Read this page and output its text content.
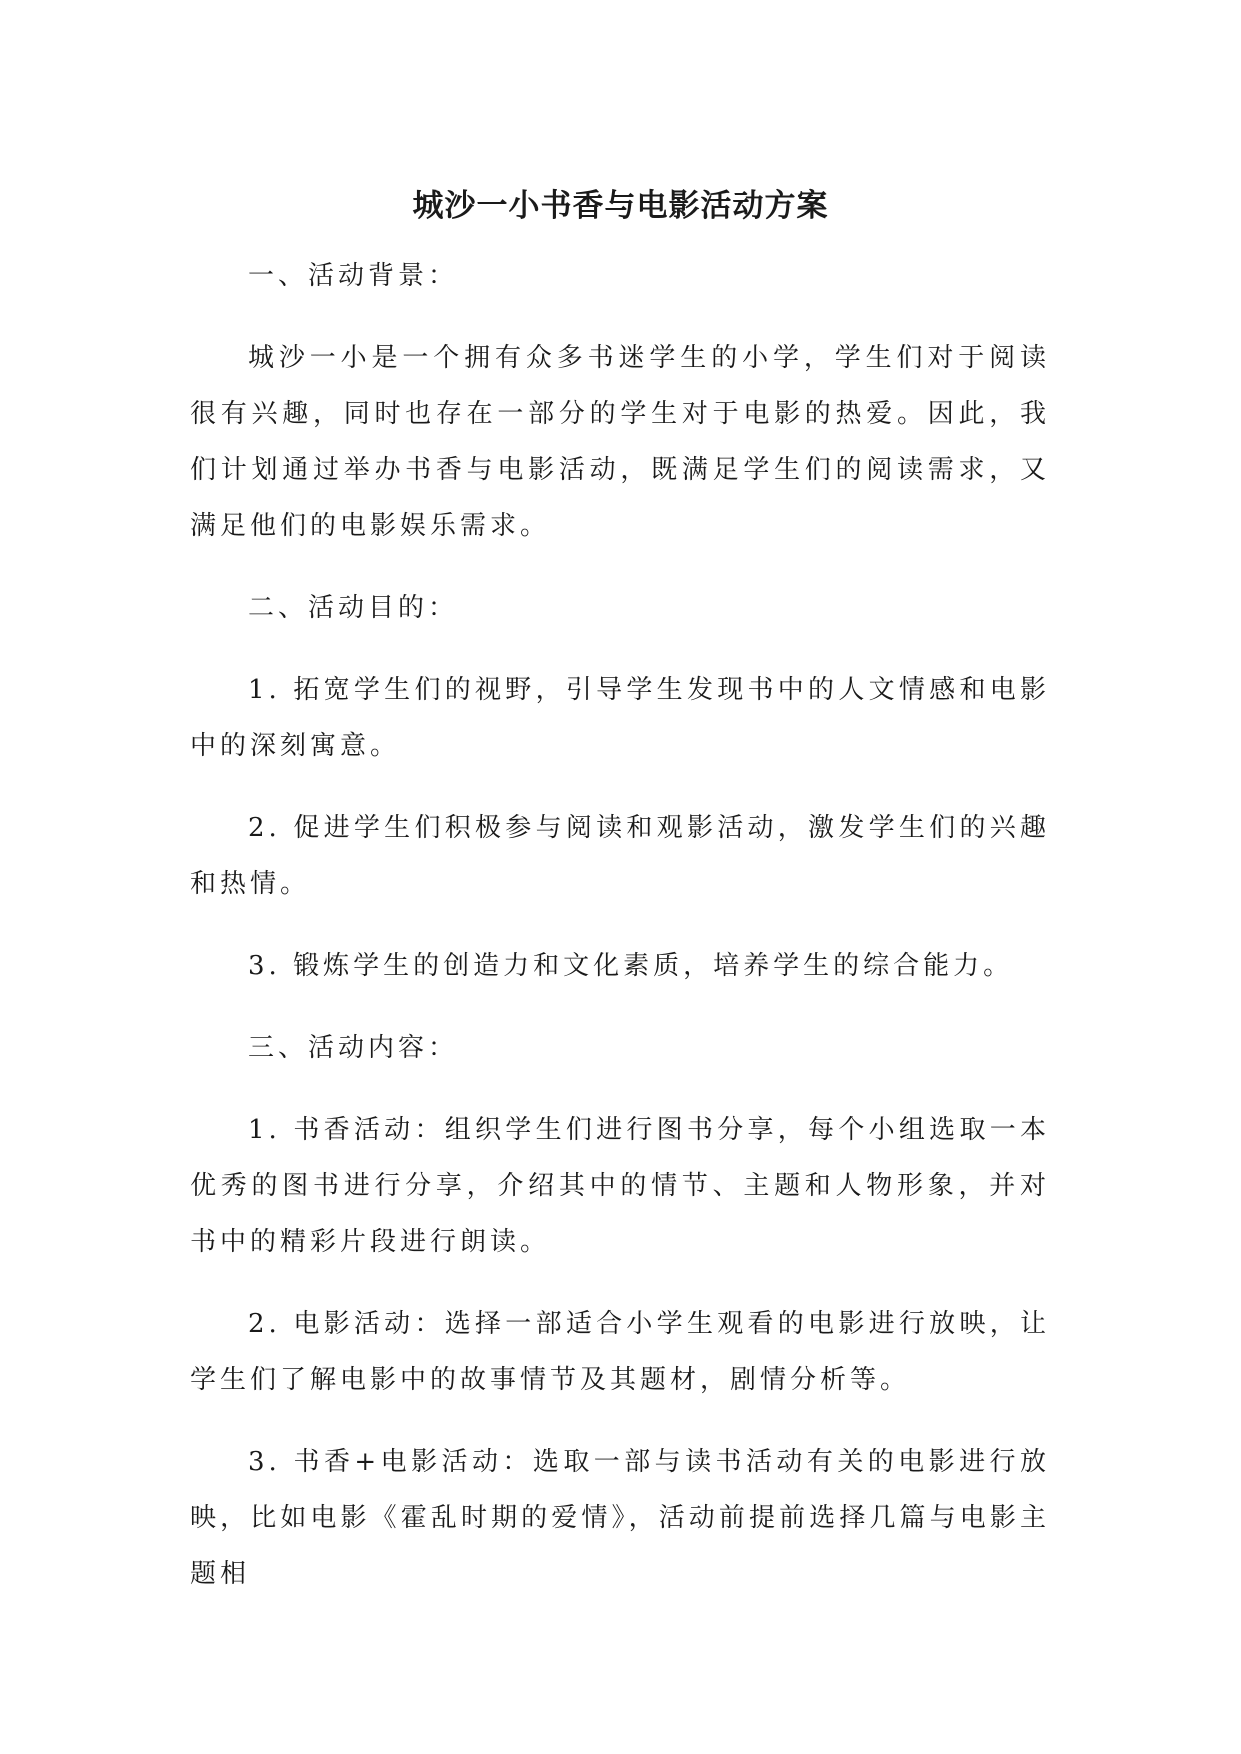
城沙一小书香与电影活动方案

一、活动背景：

城沙一小是一个拥有众多书迷学生的小学，学生们对于阅读很有兴趣，同时也存在一部分的学生对于电影的热爱。因此，我们计划通过举办书香与电影活动，既满足学生们的阅读需求，又满足他们的电影娱乐需求。

二、活动目的：

1. 拓宽学生们的视野，引导学生发现书中的人文情感和电影中的深刻寓意。

2. 促进学生们积极参与阅读和观影活动，激发学生们的兴趣和热情。

3. 锻炼学生的创造力和文化素质，培养学生的综合能力。

三、活动内容：

1. 书香活动：组织学生们进行图书分享，每个小组选取一本优秀的图书进行分享，介绍其中的情节、主题和人物形象，并对书中的精彩片段进行朗读。

2. 电影活动：选择一部适合小学生观看的电影进行放映，让学生们了解电影中的故事情节及其题材，剧情分析等。

3. 书香+电影活动：选取一部与读书活动有关的电影进行放映，比如电影《霍乱时期的爱情》，活动前提前选择几篇与电影主题相
